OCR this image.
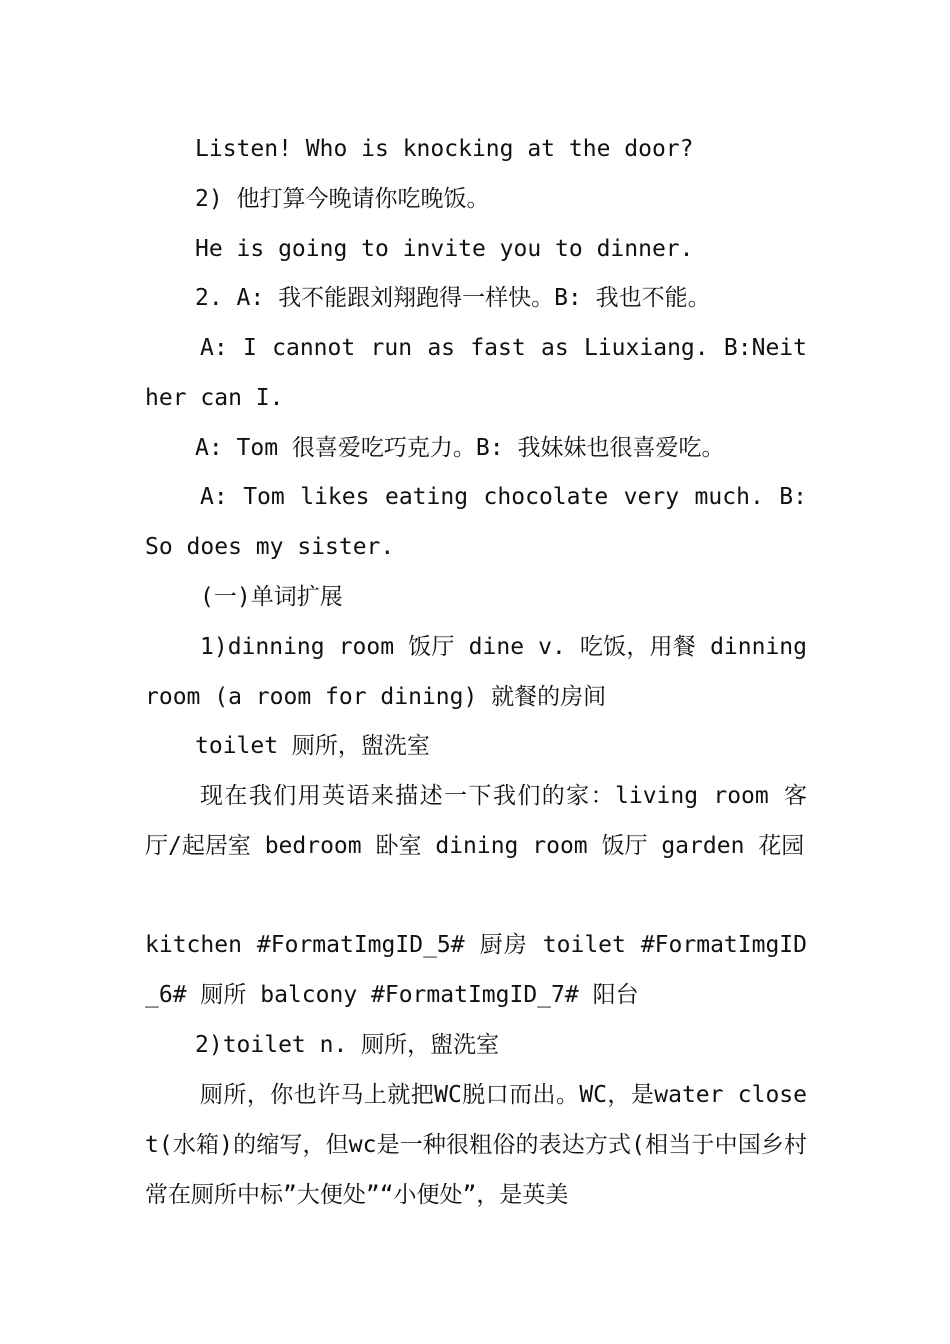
Listen! Who is knocking at the door?

2) 他打算今晚请你吃晚饭。

He is going to invite you to dinner.

2. A: 我不能跟刘翔跑得一样快。B: 我也不能。

A: I cannot run as fast as Liuxiang. B:Neither can I.

A: Tom 很喜爱吃巧克力。B: 我妹妹也很喜爱吃。

A: Tom likes eating chocolate very much. B: So does my sister.

(一)单词扩展

1)dinning room 饭厅 dine v. 吃饭，用餐 dinning room (a room for dining) 就餐的房间

toilet 厕所，盥洗室

现在我们用英语来描述一下我们的家：living room 客厅/起居室 bedroom 卧室 dining room 饭厅 garden 花园

kitchen #FormatImgID_5# 厨房 toilet #FormatImgID_6# 厕所 balcony #FormatImgID_7# 阳台

2)toilet n. 厕所，盥洗室

厕所，你也许马上就把WC脱口而出。WC，是water closet(水箱)的缩写，但wc是一种很粗俗的表达方式(相当于中国乡村常在厕所中标”大便处”“小便处”，是英美
